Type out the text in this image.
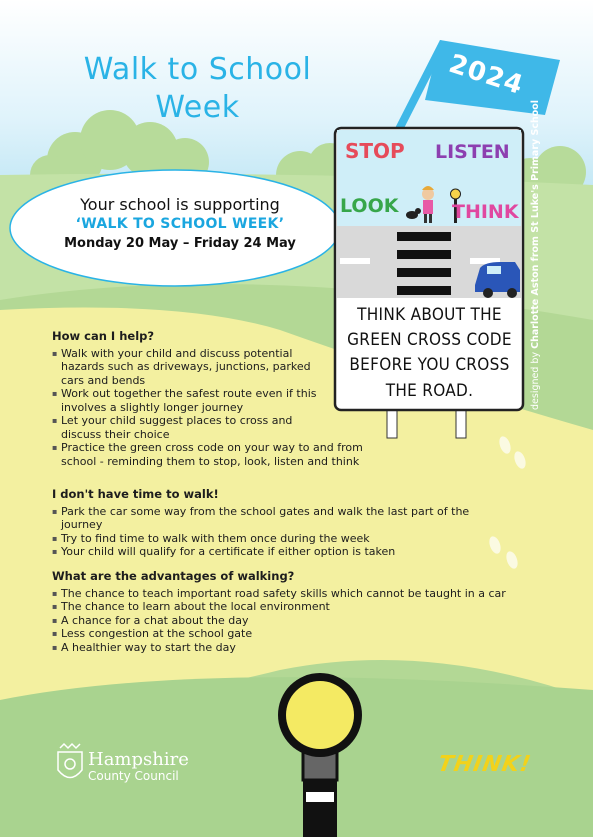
Walk to School
Week
2024
Your school is supporting
‘WALK TO SCHOOL WEEK’
Monday 20 May – Friday 24 May
STOP LISTEN
LOOK	THINK
THINK ABOUT THE
GREEN CROSS CODE
BEFORE YOU CROSS
THE ROAD.	designed by Charlotte Aston from St Luke's Primary School
How can I help?
▪ Walk with your child and discuss potential hazards such as driveways, junctions, parked cars and bends
▪ Work out together the safest route even if this involves a slightly longer journey
▪ Let your child suggest places to cross and discuss their choice
▪ Practice the green cross code on your way to and from school - reminding them to stop, look, listen and think
I don't have time to walk!
▪ Park the car some way from the school gates and walk the last part of the journey
▪ Try to find time to walk with them once during the week
▪ Your child will qualify for a certificate if either option is taken
What are the advantages of walking?
▪ The chance to teach important road safety skills which cannot be taught in a car
▪ The chance to learn about the local environment
▪ A chance for a chat about the day
▪ Less congestion at the school gate
▪ A healthier way to start the day
Hampshire
County Council	THINK!
